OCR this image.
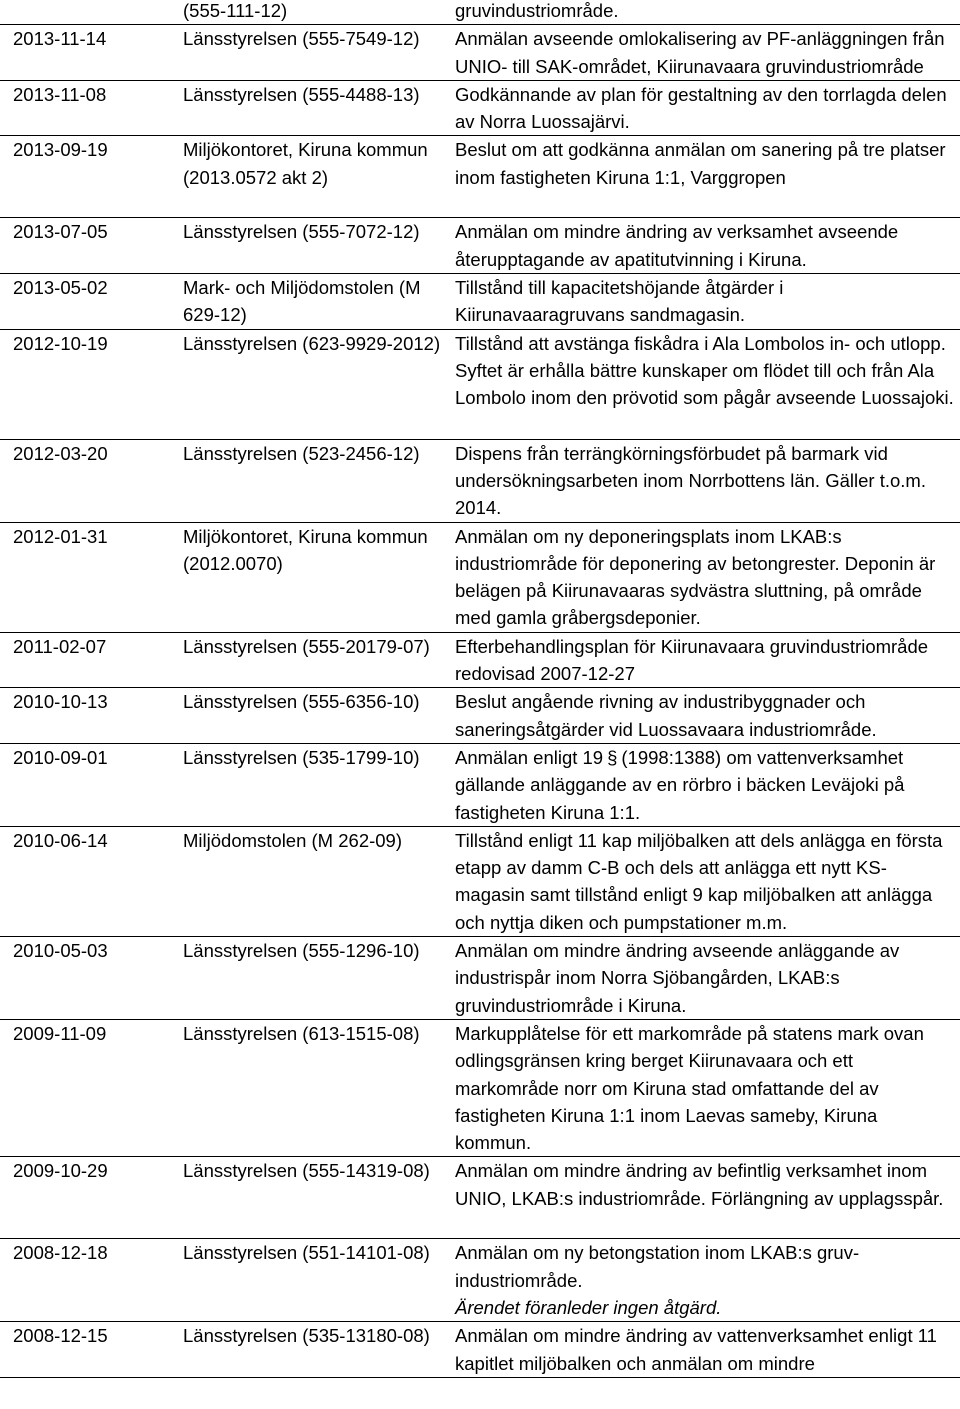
	(555-111-12)	gruvindustriområde.
2013-11-14	Länsstyrelsen (555-7549-12)	Anmälan avseende omlokalisering av PF-anläggningen från UNIO- till SAK-området, Kiirunavaara gruvindustriområde
2013-11-08	Länsstyrelsen (555-4488-13)	Godkännande av plan för gestaltning av den torrlagda delen av Norra Luossajärvi.
2013-09-19	Miljökontoret, Kiruna kommun (2013.0572 akt 2)	Beslut om att godkänna anmälan om sanering på tre platser inom fastigheten Kiruna 1:1, Varggropen
2013-07-05	Länsstyrelsen (555-7072-12)	Anmälan om mindre ändring av verksamhet avseende återupptagande av apatitutvinning i Kiruna.
2013-05-02	Mark- och Miljödomstolen (M 629-12)	Tillstånd till kapacitetshöjande åtgärder i Kiirunavaaragruvans sandmagasin.
2012-10-19	Länsstyrelsen (623-9929-2012)	Tillstånd att avstänga fiskådra i Ala Lombolos in- och utlopp. Syftet är erhålla bättre kunskaper om flödet till och från Ala Lombolo inom den prövotid som pågår avseende Luossajoki.
2012-03-20	Länsstyrelsen (523-2456-12)	Dispens från terrängkörningsförbudet på barmark vid undersökningsarbeten inom Norrbottens län. Gäller t.o.m. 2014.
2012-01-31	Miljökontoret, Kiruna kommun (2012.0070)	Anmälan om ny deponeringsplats inom LKAB:s industriområde för deponering av betongrester. Deponin är belägen på Kiirunavaaras sydvästra sluttning, på område med gamla gråbergsdeponier.
2011-02-07	Länsstyrelsen (555-20179-07)	Efterbehandlingsplan för Kiirunavaara gruvindustriområde redovisad 2007-12-27
2010-10-13	Länsstyrelsen (555-6356-10)	Beslut angående rivning av industribyggnader och saneringsåtgärder vid Luossavaara industriområde.
2010-09-01	Länsstyrelsen (535-1799-10)	Anmälan enligt 19 § (1998:1388) om vattenverksamhet gällande anläggande av en rörbro i bäcken Leväjoki på fastigheten Kiruna 1:1.
2010-06-14	Miljödomstolen (M 262-09)	Tillstånd enligt 11 kap miljöbalken att dels anlägga en första etapp av damm C-B och dels att anlägga ett nytt KS-magasin samt tillstånd enligt 9 kap miljöbalken att anlägga och nyttja diken och pumpstationer m.m.
2010-05-03	Länsstyrelsen (555-1296-10)	Anmälan om mindre ändring avseende anläggande av industrispår inom Norra Sjöbangården, LKAB:s gruvindustriområde i Kiruna.
2009-11-09	Länsstyrelsen (613-1515-08)	Markupplåtelse för ett markområde på statens mark ovan odlingsgränsen kring berget Kiirunavaara och ett markområde norr om Kiruna stad omfattande del av fastigheten Kiruna 1:1 inom Laevas sameby, Kiruna kommun.
2009-10-29	Länsstyrelsen (555-14319-08)	Anmälan om mindre ändring av befintlig verksamhet inom UNIO, LKAB:s industriområde. Förlängning av upplagsspår.
2008-12-18	Länsstyrelsen (551-14101-08)	Anmälan om ny betongstation inom LKAB:s gruv- industriområde.
Ärendet föranleder ingen åtgärd.

2008-12-15	Länsstyrelsen (535-13180-08)	Anmälan om mindre ändring av vattenverksamhet enligt 11 kapitlet miljöbalken och anmälan om mindre
